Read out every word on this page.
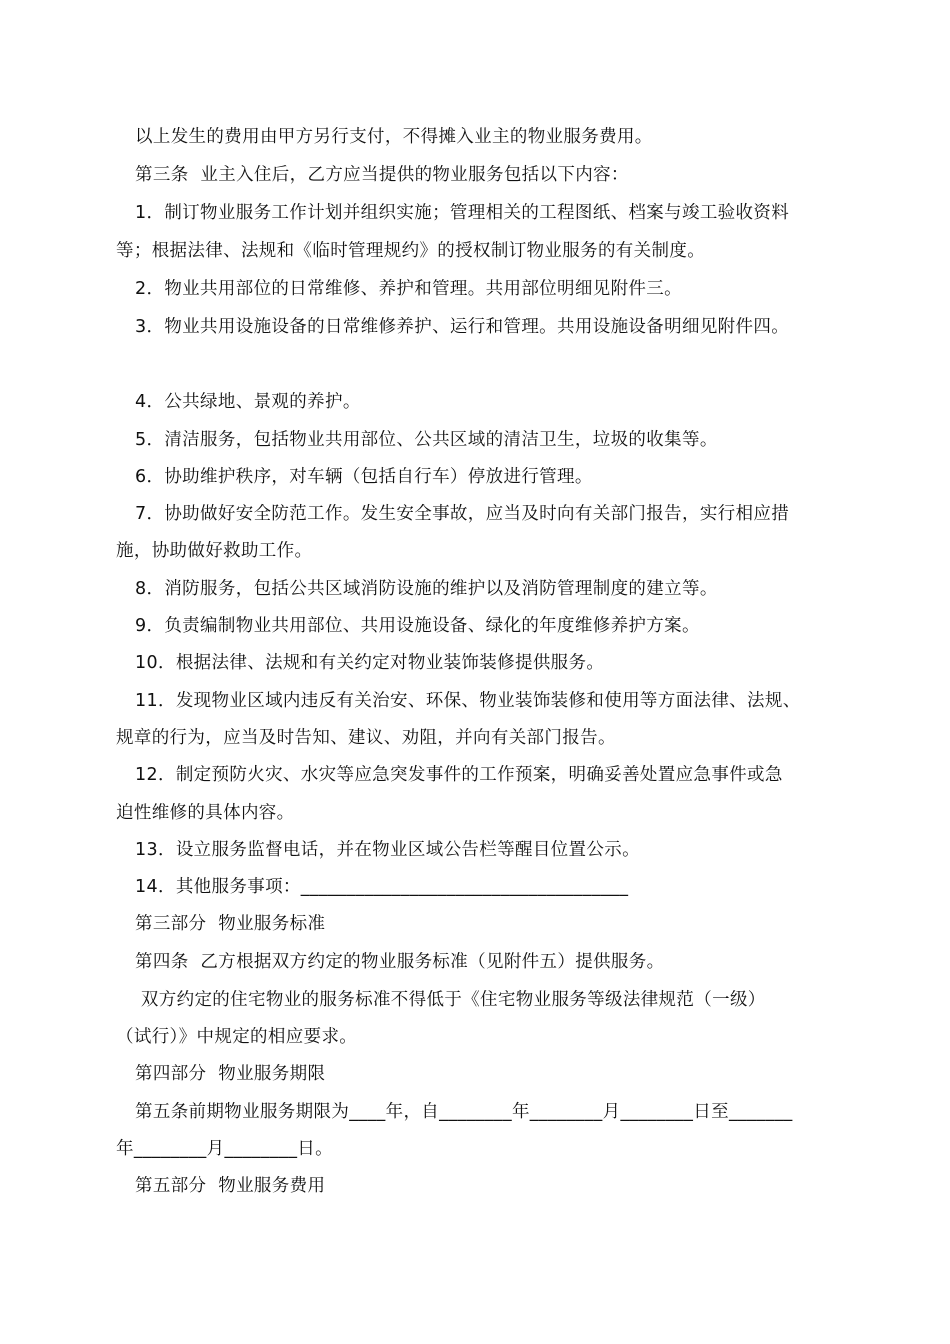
以上发生的费用由甲方另行支付，不得摊入业主的物业服务费用。
第三条  业主入住后，乙方应当提供的物业服务包括以下内容：
1．制订物业服务工作计划并组织实施；管理相关的工程图纸、档案与竣工验收资料
等；根据法律、法规和《临时管理规约》的授权制订物业服务的有关制度。
2．物业共用部位的日常维修、养护和管理。共用部位明细见附件三。
3．物业共用设施设备的日常维修养护、运行和管理。共用设施设备明细见附件四。
4．公共绿地、景观的养护。
5．清洁服务，包括物业共用部位、公共区域的清洁卫生，垃圾的收集等。
6．协助维护秩序，对车辆（包括自行车）停放进行管理。
7．协助做好安全防范工作。发生安全事故，应当及时向有关部门报告，实行相应措
施，协助做好救助工作。
8．消防服务，包括公共区域消防设施的维护以及消防管理制度的建立等。
9．负责编制物业共用部位、共用设施设备、绿化的年度维修养护方案。
10．根据法律、法规和有关约定对物业装饰装修提供服务。
11．发现物业区域内违反有关治安、环保、物业装饰装修和使用等方面法律、法规、
规章的行为，应当及时告知、建议、劝阻，并向有关部门报告。
12．制定预防火灾、水灾等应急突发事件的工作预案，明确妥善处置应急事件或急
迫性维修的具体内容。
13．设立服务监督电话，并在物业区域公告栏等醒目位置公示。
14．其他服务事项：____________________________________
第三部分  物业服务标准
第四条  乙方根据双方约定的物业服务标准（见附件五）提供服务。
双方约定的住宅物业的服务标准不得低于《住宅物业服务等级法律规范（一级）
（试行）》中规定的相应要求。
第四部分  物业服务期限
第五条前期物业服务期限为____年，自________年________月________日至_______
年________月________日。
第五部分  物业服务费用
